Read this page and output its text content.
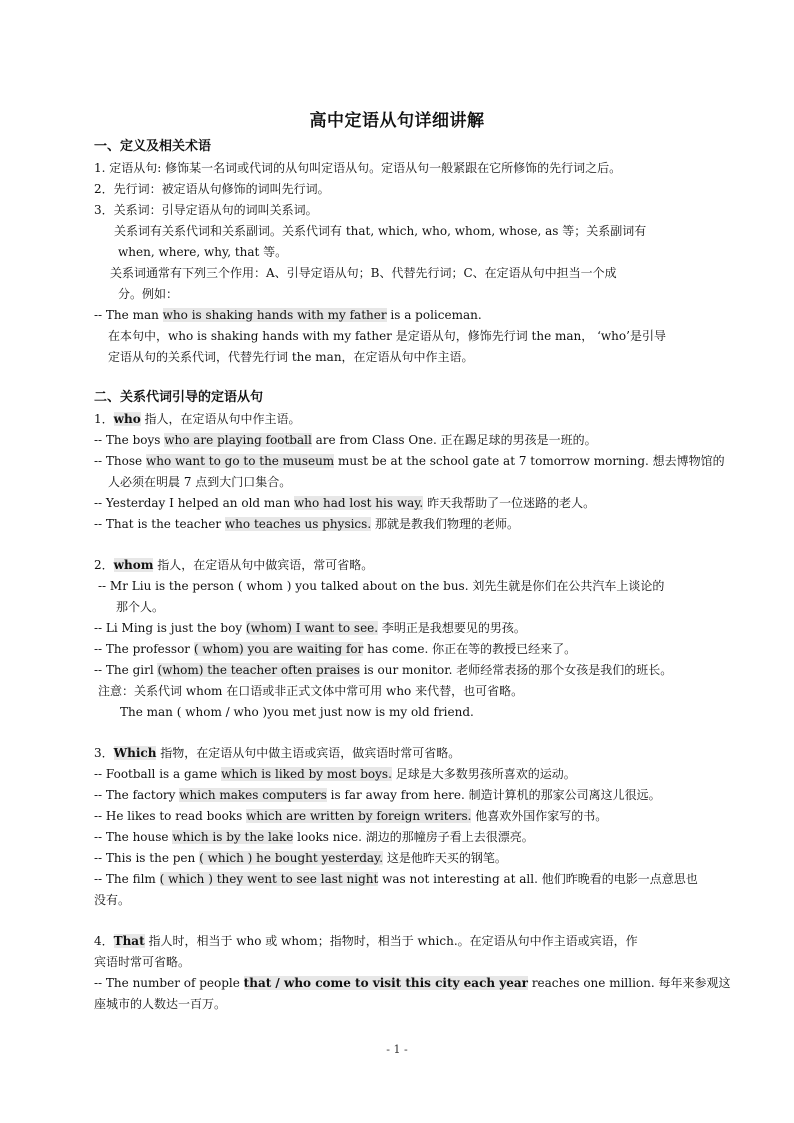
高中定语从句详细讲解
一、定义及相关术语
1. 定语从句: 修饰某一名词或代词的从句叫定语从句。定语从句一般紧跟在它所修饰的先行词之后。
2．先行词：被定语从句修饰的词叫先行词。
3．关系词：引导定语从句的词叫关系词。
关系词有关系代词和关系副词。关系代词有 that, which, who, whom, whose, as 等；关系副词有
when, where, why, that 等。
关系词通常有下列三个作用：A、引导定语从句；B、代替先行词；C、在定语从句中担当一个成
分。例如：
-- The man who is shaking hands with my father is a policeman.
在本句中，who is shaking hands with my father 是定语从句，修饰先行词 the man， ‘who’是引导
定语从句的关系代词，代替先行词 the man，在定语从句中作主语。
二、关系代词引导的定语从句
1．who 指人，在定语从句中作主语。
-- The boys who are playing football are from Class One. 正在踢足球的男孩是一班的。
-- Those who want to go to the museum must be at the school gate at 7 tomorrow morning. 想去博物馆的
人必须在明晨 7 点到大门口集合。
-- Yesterday I helped an old man who had lost his way. 昨天我帮助了一位迷路的老人。
-- That is the teacher who teaches us physics. 那就是教我们物理的老师。
2．whom 指人，在定语从句中做宾语，常可省略。
-- Mr Liu is the person ( whom ) you talked about on the bus. 刘先生就是你们在公共汽车上谈论的
那个人。
-- Li Ming is just the boy (whom) I want to see. 李明正是我想要见的男孩。
-- The professor ( whom) you are waiting for has come. 你正在等的教授已经来了。
-- The girl (whom) the teacher often praises is our monitor. 老师经常表扬的那个女孩是我们的班长。
注意：关系代词 whom 在口语或非正式文体中常可用 who 来代替，也可省略。
The man ( whom / who )you met just now is my old friend.
3．Which 指物，在定语从句中做主语或宾语，做宾语时常可省略。
-- Football is a game which is liked by most boys. 足球是大多数男孩所喜欢的运动。
-- The factory which makes computers is far away from here. 制造计算机的那家公司离这儿很远。
-- He likes to read books which are written by foreign writers. 他喜欢外国作家写的书。
-- The house which is by the lake looks nice. 湖边的那幢房子看上去很漂亮。
-- This is the pen ( which ) he bought yesterday. 这是他昨天买的钢笔。
-- The film ( which ) they went to see last night was not interesting at all. 他们昨晚看的电影一点意思也
没有。
4．That 指人时，相当于 who 或 whom；指物时，相当于 which.。在定语从句中作主语或宾语，作
宾语时常可省略。
-- The number of people that / who come to visit this city each year reaches one million. 每年来参观这
座城市的人数达一百万。
- 1 -
